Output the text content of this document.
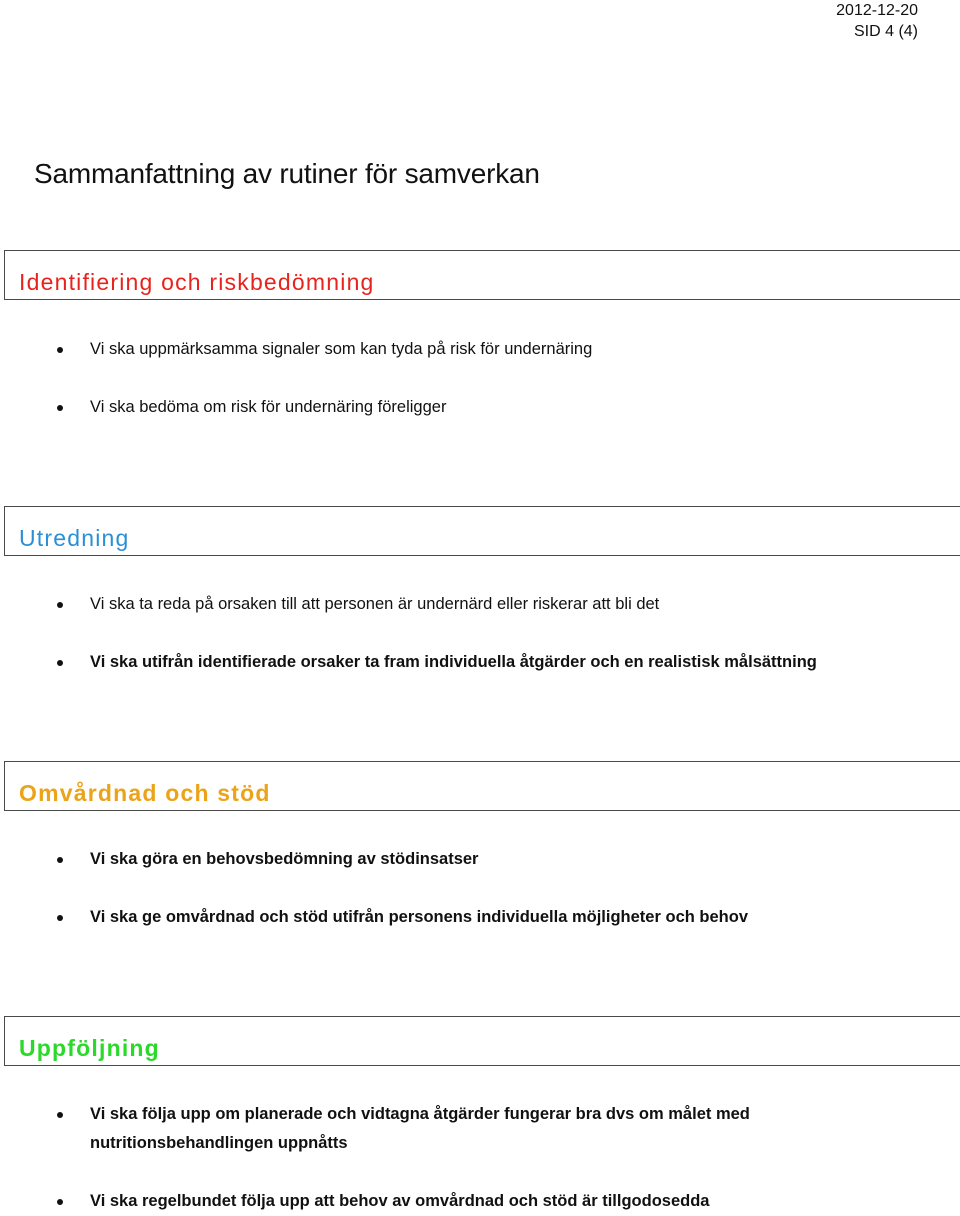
2012-12-20
SID 4 (4)
Sammanfattning av rutiner för samverkan
Identifiering och riskbedömning
Vi ska uppmärksamma signaler som kan tyda på risk för undernäring
Vi ska bedöma om risk för undernäring föreligger
Utredning
Vi ska ta reda på orsaken till att personen är undernärd eller riskerar att bli det
Vi ska utifrån identifierade orsaker ta fram individuella åtgärder och en realistisk målsättning
Omvårdnad och stöd
Vi ska göra en behovsbedömning av stödinsatser
Vi ska ge omvårdnad och stöd utifrån personens individuella möjligheter och behov
Uppföljning
Vi ska följa upp om planerade och vidtagna åtgärder fungerar bra dvs om målet med nutritionsbehandlingen uppnåtts
Vi ska regelbundet följa upp att behov av omvårdnad och stöd är tillgodosedda
